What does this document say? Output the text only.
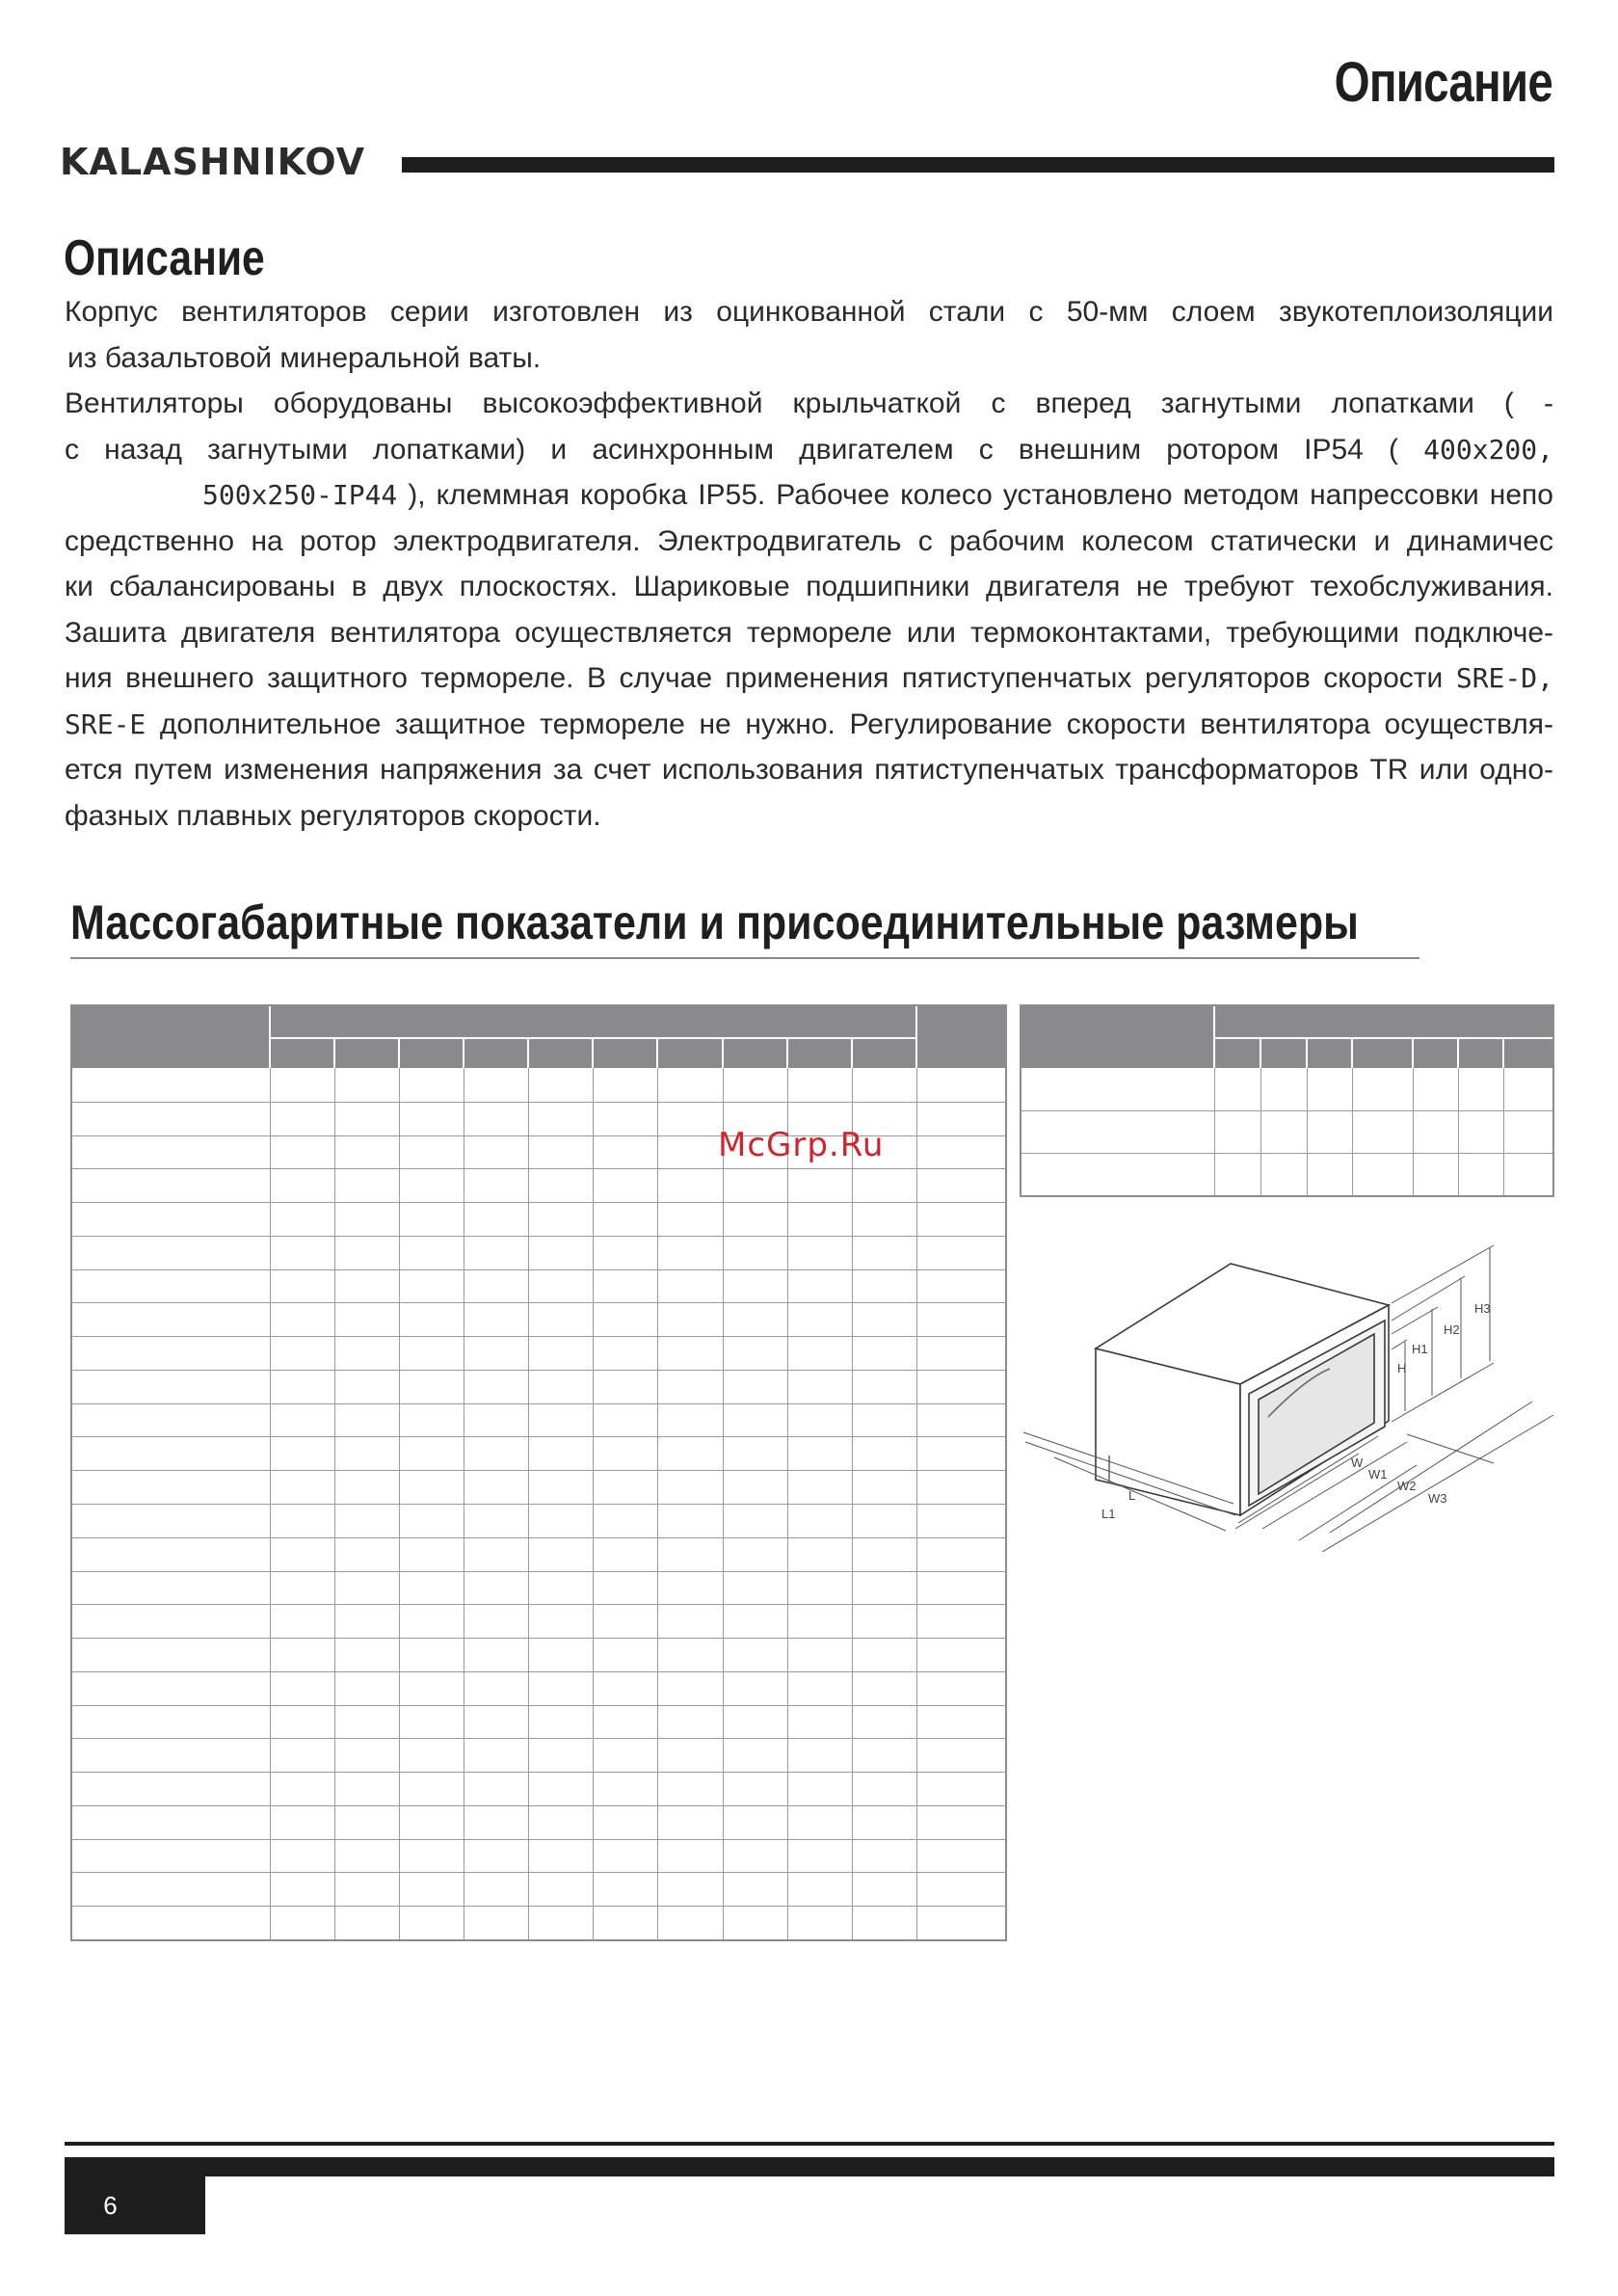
Описание
KALASHNIKOV
Описание
Корпус вентиляторов серии изготовлен из оцинкованной стали с 50-мм слоем звукотеплоизоляции
из базальтовой минеральной ваты.
Вентиляторы оборудованы высокоэффективной крыльчаткой с вперед загнутыми лопатками ( -
с назад загнутыми лопатками) и асинхронным двигателем с внешним ротором IP54 ( 400x200,
500x250-IP44 ), клеммная коробка IP55. Рабочее колесо установлено методом напрессовки непо
средственно на ротор электродвигателя. Электродвигатель с рабочим колесом статически и динамичес
ки сбалансированы в двух плоскостях. Шариковые подшипники двигателя не требуют техобслуживания.
Зашита двигателя вентилятора осуществляется термореле или термоконтактами, требующими подключе-
ния внешнего защитного термореле. В случае применения пятиступенчатых регуляторов скорости SRE-D,
SRE-E дополнительное защитное термореле не нужно. Регулирование скорости вентилятора осуществля-
ется путем изменения напряжения за счет использования пятиступенчатых трансформаторов TR или одно-
фазных плавных регуляторов скорости.
Массогабаритные показатели и присоединительные размеры
McGrp.Ru
H
H1
H2
H3
W
W1
W2
W3
L
L1
6
